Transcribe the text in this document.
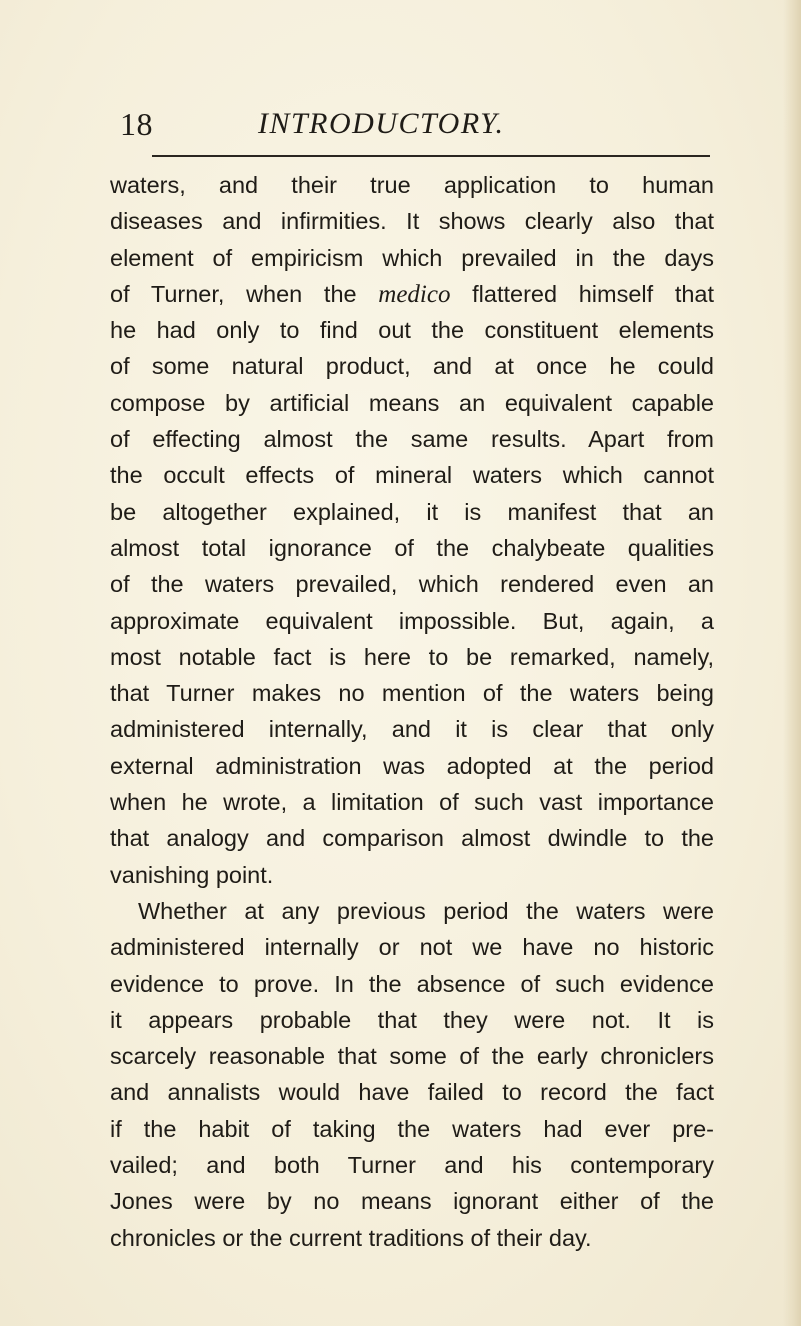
18	INTRODUCTORY.
waters, and their true application to human
diseases and infirmities. It shows clearly also that
element of empiricism which prevailed in the days
of Turner, when the medico flattered himself that
he had only to find out the constituent elements
of some natural product, and at once he could
compose by artificial means an equivalent capable
of effecting almost the same results. Apart from
the occult effects of mineral waters which cannot
be altogether explained, it is manifest that an
almost total ignorance of the chalybeate qualities
of the waters prevailed, which rendered even an
approximate equivalent impossible. But, again, a
most notable fact is here to be remarked, namely,
that Turner makes no mention of the waters being
administered internally, and it is clear that only
external administration was adopted at the period
when he wrote, a limitation of such vast importance
that analogy and comparison almost dwindle to the
vanishing point.
Whether at any previous period the waters were
administered internally or not we have no historic
evidence to prove. In the absence of such evidence
it appears probable that they were not. It is
scarcely reasonable that some of the early chroniclers
and annalists would have failed to record the fact
if the habit of taking the waters had ever pre-
vailed; and both Turner and his contemporary
Jones were by no means ignorant either of the
chronicles or the current traditions of their day.
